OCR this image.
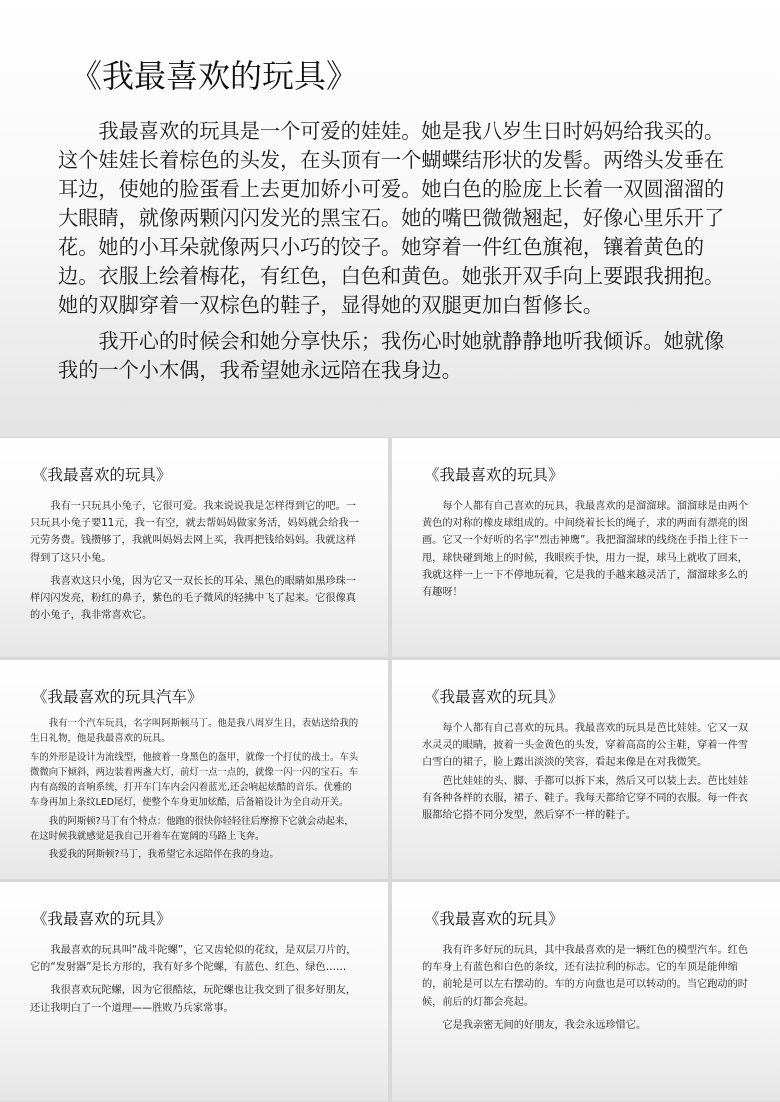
《我最喜欢的玩具》

我最喜欢的玩具是一个可爱的娃娃。她是我八岁生日时妈妈给我买的。这个娃娃长着棕色的头发，在头顶有一个蝴蝶结形状的发髻。两绺头发垂在耳边，使她的脸蛋看上去更加娇小可爱。她白色的脸庞上长着一双圆溜溜的大眼睛，就像两颗闪闪发光的黑宝石。她的嘴巴微微翘起，好像心里乐开了花。她的小耳朵就像两只小巧的饺子。她穿着一件红色旗袍，镶着黄色的边。衣服上绘着梅花，有红色，白色和黄色。她张开双手向上要跟我拥抱。她的双脚穿着一双棕色的鞋子，显得她的双腿更加白皙修长。

我开心的时候会和她分享快乐；我伤心时她就静静地听我倾诉。她就像我的一个小木偶，我希望她永远陪在我身边。

《我最喜欢的玩具》

我有一只玩具小兔子，它很可爱。我来说说我是怎样得到它的吧。一只玩具小兔子要11元，我一有空，就去帮妈妈做家务活，妈妈就会给我一元劳务费。钱攒够了，我就叫妈妈去网上买，我再把钱给妈妈。我就这样得到了这只小兔。

我喜欢这只小兔，因为它又一双长长的耳朵、黑色的眼睛如黑珍珠一样闪闪发亮，粉红的鼻子，紫色的毛子微风的轻拂中飞了起来。它很像真的小兔子，我非常喜欢它。

《我最喜欢的玩具》

每个人都有自己喜欢的玩具，我最喜欢的是溜溜球。溜溜球是由两个黄色的对称的橡皮球组成的。中间绕着长长的绳子，求的两面有漂亮的图画。它又一个好听的名字“烈击神鹰”。我把溜溜球的线绕在手指上往下一甩，球快碰到地上的时候，我眼疾手快，用力一提，球马上就收了回来，我就这样一上一下不停地玩着，它是我的手越来越灵活了，溜溜球多么的有趣呀！

《我最喜欢的玩具汽车》

我有一个汽车玩具，名字叫阿斯顿马丁。他是我八周岁生日，表姑送给我的生日礼物，他是我最喜欢的玩具。

车的外形是设计为流线型，他披着一身黑色的盔甲，就像一个打仗的战士。车头微微向下倾斜，两边装着两盏大灯，前灯一点一点的，就像一闪一闪的宝石。车内有高级的音响系统，打开车门车内会闪着蓝光,还会响起炫酷的音乐。优雅的车身再加上条纹LED尾灯，使整个车身更加炫酷，后备箱设计为全自动开关。

我的阿斯顿?马丁有个特点：他跑的很快你轻轻往后摩擦下它就会动起来，在这时候我就感觉是我自己开着车在宽阔的马路上飞奔。

我爱我的阿斯顿?马丁，我希望它永远陪伴在我的身边。

《我最喜欢的玩具》

每个人都有自己喜欢的玩具。我最喜欢的玩具是芭比娃娃。它又一双水灵灵的眼睛，披着一头金黄色的头发，穿着高高的公主鞋，穿着一件雪白雪白的裙子，脸上露出淡淡的笑容，看起来像是在对我微笑。

芭比娃娃的头、脚、手都可以拆下来，然后又可以装上去。芭比娃娃有各种各样的衣服，裙子、鞋子。我每天都给它穿不同的衣服。每一件衣服都给它搭不同分发型，然后穿不一样的鞋子。

《我最喜欢的玩具》

我最喜欢的玩具叫“战斗陀螺”，它又齿轮似的花纹，是双层刀片的，它的“发射器”是长方形的，我有好多个陀螺，有蓝色、红色、绿色……

我很喜欢玩陀螺，因为它很酷炫，玩陀螺也让我交到了很多好朋友，还让我明白了一个道理——胜败乃兵家常事。

《我最喜欢的玩具》

我有许多好玩的玩具，其中我最喜欢的是一辆红色的模型汽车。红色的车身上有蓝色和白色的条纹，还有法拉利的标志。它的车顶是能伸缩的，前轮是可以左右摆动的。车的方向盘也是可以转动的。当它跑动的时候，前后的灯都会亮起。

它是我亲密无间的好朋友，我会永远珍惜它。
